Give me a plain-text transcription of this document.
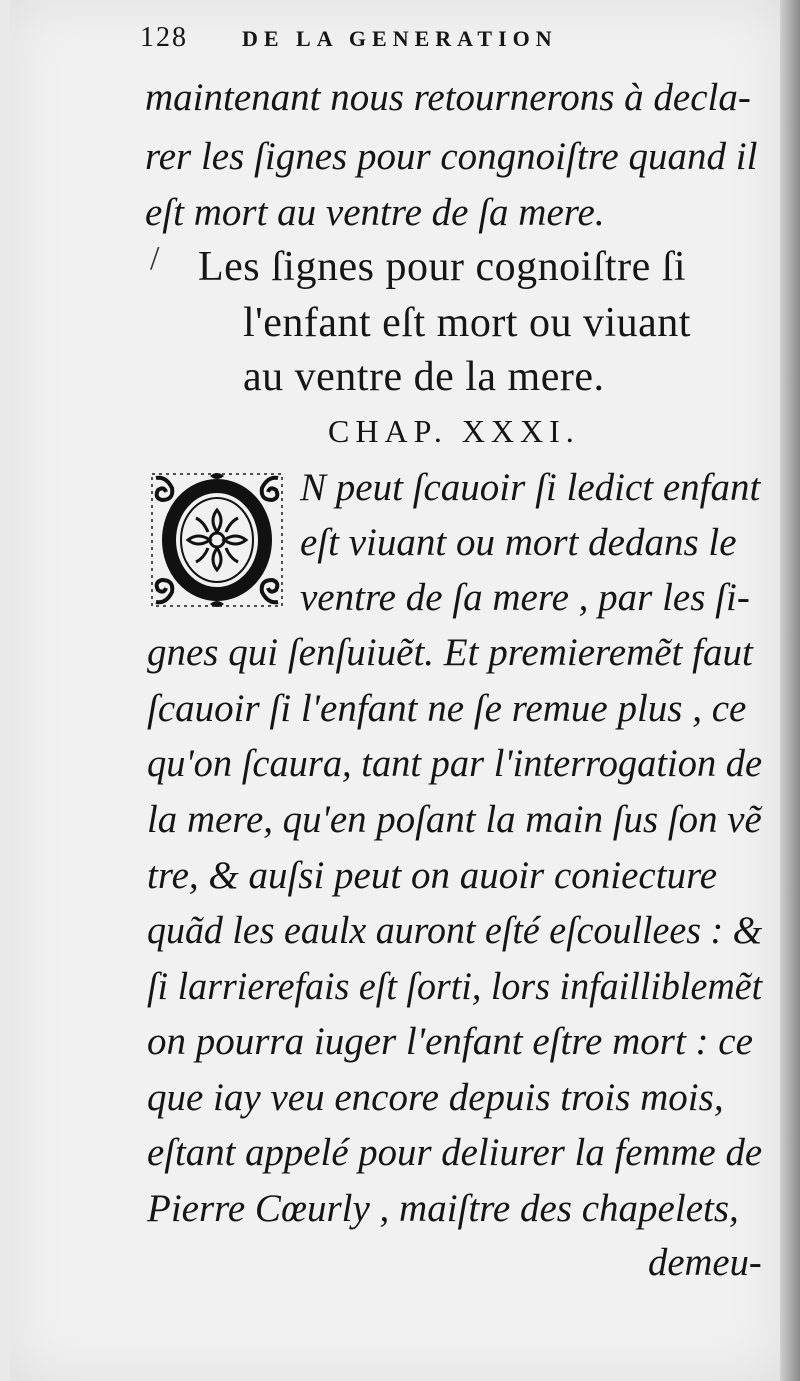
128 DE LA GENERATION
maintenant nous retournerons à decla-
rer les ſignes pour congnoiſtre quand il
eſt mort au ventre de ſa mere.
/ Les ſignes pour cognoiſtre ſi
l'enfant eſt mort ou viuant
au ventre de la mere.
CHAP. XXXI.
N peut ſcauoir ſi ledict enfant
eſt viuant ou mort dedans le
ventre de ſa mere , par les ſi-
gnes qui ſenſuiuẽt. Et premieremẽt faut
ſcauoir ſi l'enfant ne ſe remue plus , ce
qu'on ſcaura, tant par l'interrogation de
la mere, qu'en poſant la main ſus ſon vẽ
tre, & auſsi peut on auoir coniecture
quãd les eaulx auront eſté eſcoullees : &
ſi larrierefais eſt ſorti, lors infailliblemẽt
on pourra iuger l'enfant eſtre mort : ce
que iay veu encore depuis trois mois,
eſtant appelé pour deliurer la femme de
Pierre Cœurly , maiſtre des chapelets,
demeu-
